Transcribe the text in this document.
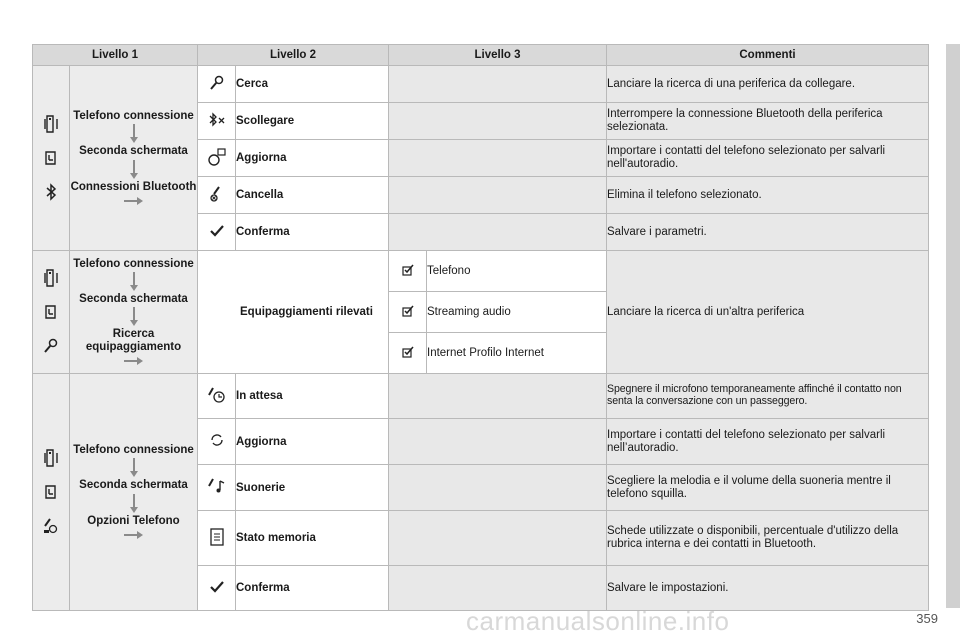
Livello 1		Livello 2		Livello 3		Commenti

Telefono connessione
Seconda schermata
Connessioni Bluetooth		Cerca			Lanciare la ricerca di una periferica da collegare.
	Scollegare			Interrompere la connessione Bluetooth della periferica selezionata.
	Aggiorna			Importare i contatti del telefono selezionato per salvarli nell'autoradio.
	Cancella			Elimina il telefono selezionato.
	Conferma			Salvare i parametri.

Telefono connessione
Seconda schermata
Ricerca equipaggiamento	Equipaggiamenti rilevati			Telefono	Lanciare la ricerca di un'altra periferica
	Streaming audio	
	Internet Profilo Internet	

Telefono connessione
Seconda schermata
Opzioni Telefono		In attesa			Spegnere il microfono temporaneamente affinché il contatto non senta la conversazione con un passeggero.
	Aggiorna			Importare i contatti del telefono selezionato per salvarli nell’autoradio.
	Suonerie			Scegliere la melodia e il volume della suoneria mentre il telefono squilla.
	Stato memoria			Schede utilizzate o disponibili, percentuale d'utilizzo della rubrica interna e dei contatti in Bluetooth.
	Conferma			Salvare le impostazioni.
carmanualsonline.info	359
